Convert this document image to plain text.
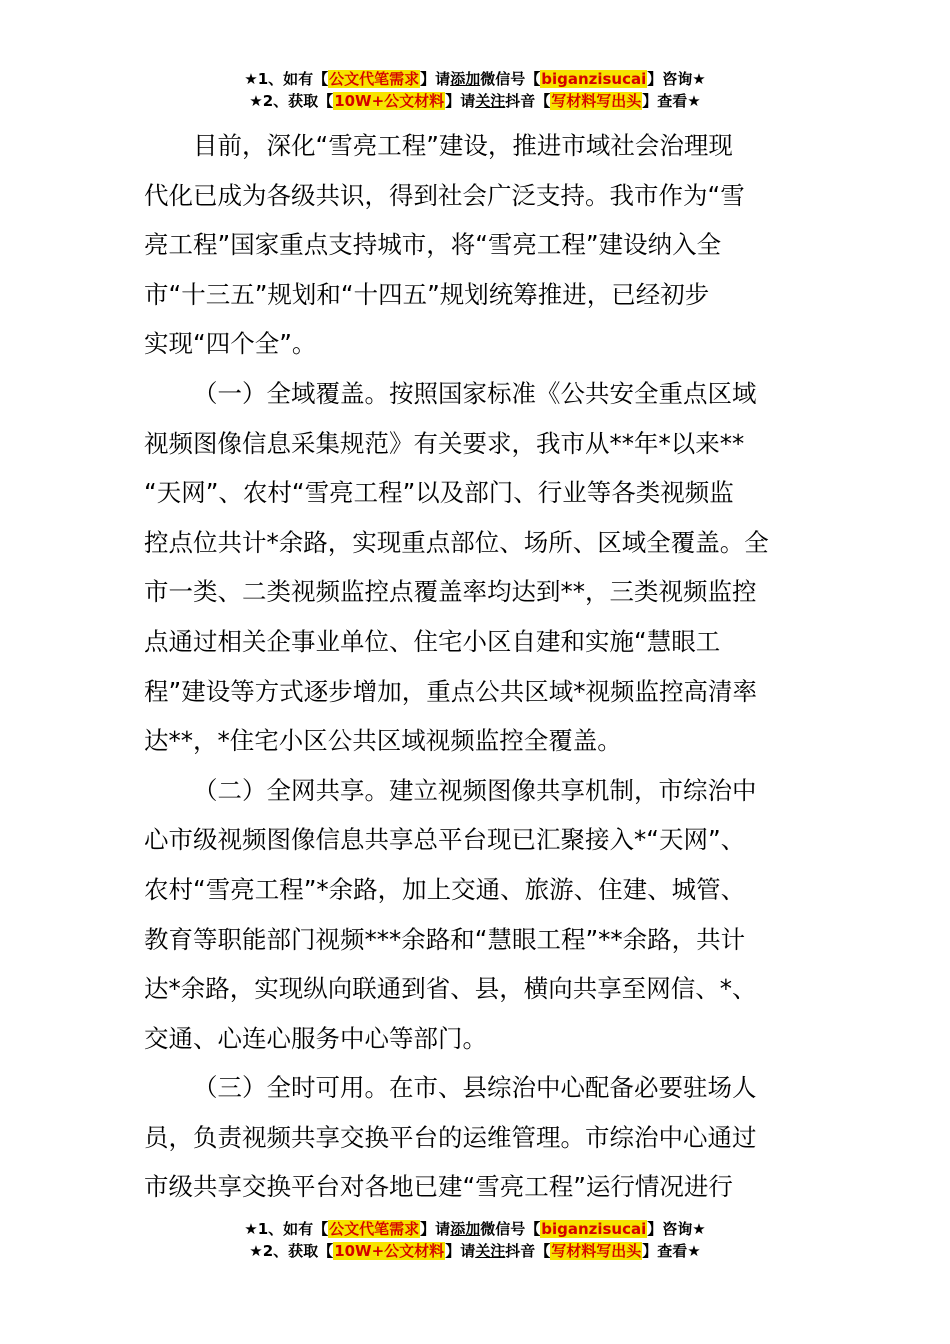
★1、如有【公文代笔需求】请添加微信号【biganzisucai】咨询★
★2、获取【10W+公文材料】请关注抖音【写材料写出头】查看★
目前，深化“雪亮工程”建设，推进市域社会治理现
代化已成为各级共识，得到社会广泛支持。我市作为“雪
亮工程”国家重点支持城市，将“雪亮工程”建设纳入全
市“十三五”规划和“十四五”规划统筹推进，已经初步
实现“四个全”。
（一）全域覆盖。按照国家标准《公共安全重点区域
视频图像信息采集规范》有关要求，我市从**年*以来**
“天网”、农村“雪亮工程”以及部门、行业等各类视频监
控点位共计*余路，实现重点部位、场所、区域全覆盖。全
市一类、二类视频监控点覆盖率均达到**，三类视频监控
点通过相关企事业单位、住宅小区自建和实施“慧眼工
程”建设等方式逐步增加，重点公共区域*视频监控高清率
达**，*住宅小区公共区域视频监控全覆盖。
（二）全网共享。建立视频图像共享机制，市综治中
心市级视频图像信息共享总平台现已汇聚接入*“天网”、
农村“雪亮工程”*余路，加上交通、旅游、住建、城管、
教育等职能部门视频***余路和“慧眼工程”**余路，共计
达*余路，实现纵向联通到省、县，横向共享至网信、*、
交通、心连心服务中心等部门。
（三）全时可用。在市、县综治中心配备必要驻场人
员，负责视频共享交换平台的运维管理。市综治中心通过
市级共享交换平台对各地已建“雪亮工程”运行情况进行
★1、如有【公文代笔需求】请添加微信号【biganzisucai】咨询★
★2、获取【10W+公文材料】请关注抖音【写材料写出头】查看★
